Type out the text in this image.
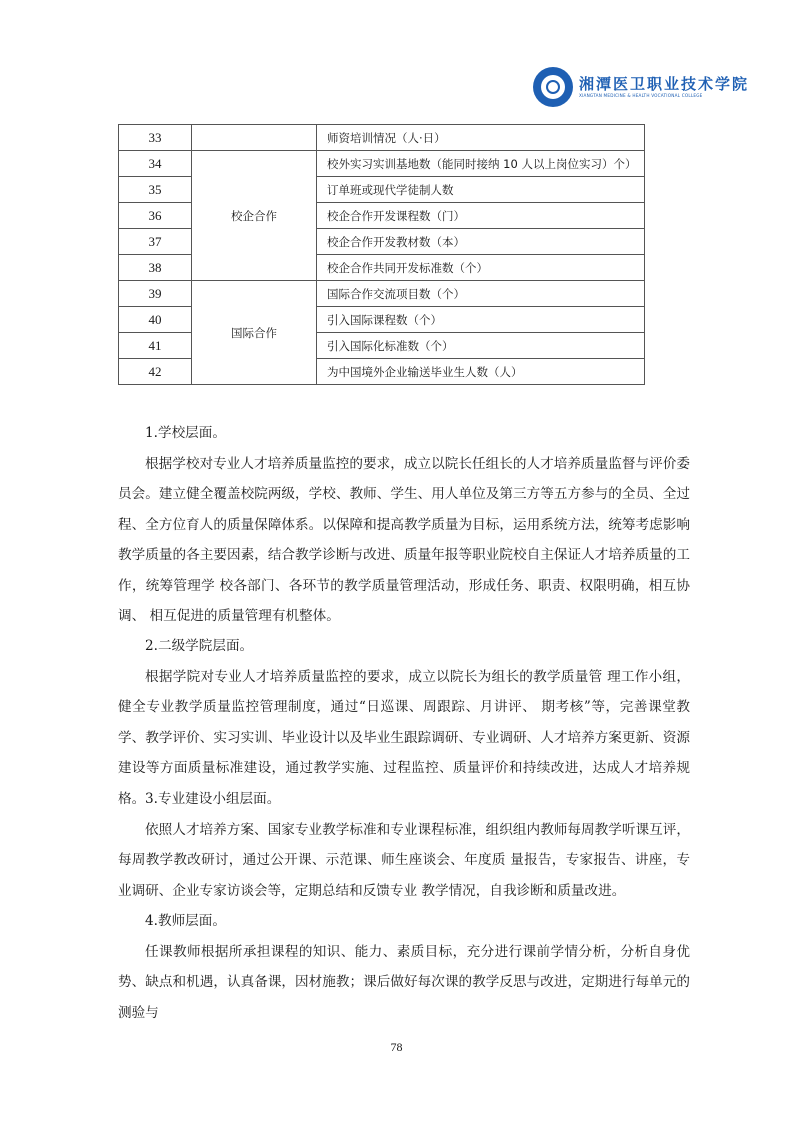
湘潭医卫职业技术学院
XIANGTAN MEDICINE & HEALTH VOCATIONAL COLLEGE
33		师资培训情况（人·日）
34	校企合作	校外实习实训基地数（能同时接纳 10 人以上岗位实习）个）
35		订单班或现代学徒制人数
36		校企合作开发课程数（门）
37		校企合作开发教材数（本）
38		校企合作共同开发标准数（个）
39	国际合作	国际合作交流项目数（个）
40		引入国际课程数（个）
41		引入国际化标准数（个）
42		为中国境外企业输送毕业生人数（人）

1.学校层面。

根据学校对专业人才培养质量监控的要求，成立以院长任组长的人才培养质量监督与评价委员会。建立健全覆盖校院两级，学校、教师、学生、用人单位及第三方等五方参与的全员、全过程、全方位育人的质量保障体系。以保障和提高教学质量为目标，运用系统方法，统筹考虑影响教学质量的各主要因素，结合教学诊断与改进、质量年报等职业院校自主保证人才培养质量的工作，统筹管理学 校各部门、各环节的教学质量管理活动，形成任务、职责、权限明确，相互协调、 相互促进的质量管理有机整体。

2.二级学院层面。

根据学院对专业人才培养质量监控的要求，成立以院长为组长的教学质量管 理工作小组，健全专业教学质量监控管理制度，通过“日巡课、周跟踪、月讲评、 期考核”等，完善课堂教学、教学评价、实习实训、毕业设计以及毕业生跟踪调研、专业调研、人才培养方案更新、资源建设等方面质量标准建设，通过教学实施、过程监控、质量评价和持续改进，达成人才培养规格。 3.专业建设小组层面。

依照人才培养方案、国家专业教学标准和专业课程标准，组织组内教师每周教学听课互评，每周教学教改研讨，通过公开课、示范课、师生座谈会、年度质 量报告，专家报告、讲座，专业调研、企业专家访谈会等，定期总结和反馈专业 教学情况，自我诊断和质量改进。

4.教师层面。

任课教师根据所承担课程的知识、能力、素质目标，充分进行课前学情分析，分析自身优势、缺点和机遇，认真备课，因材施教；课后做好每次课的教学反思与改进，定期进行每单元的测验与

78
